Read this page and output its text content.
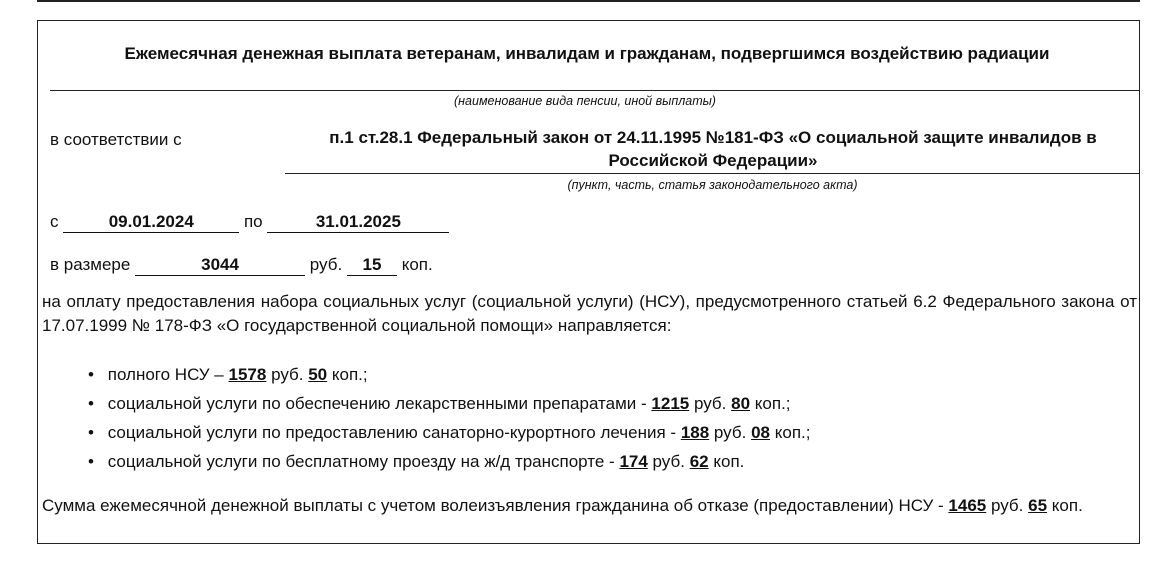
Ежемесячная денежная выплата ветеранам, инвалидам и гражданам, подвергшимся воздействию радиации
(наименование вида пенсии, иной выплаты)
в соответствии с	п.1 ст.28.1 Федеральный закон от 24.11.1995 №181-ФЗ «О социальной защите инвалидов в Российской Федерации»
(пункт, часть, статья законодательного акта)
с	09.01.2024	по	31.01.2025
в размере	3044	руб. 15 коп.
на оплату предоставления набора социальных услуг (социальной услуги) (НСУ), предусмотренного статьей 6.2 Федерального закона от 17.07.1999 № 178-ФЗ «О государственной социальной помощи» направляется:
• полного НСУ – 1578 руб. 50 коп.;
• социальной услуги по обеспечению лекарственными препаратами - 1215 руб. 80 коп.;
• социальной услуги по предоставлению санаторно-курортного лечения - 188 руб. 08 коп.;
• социальной услуги по бесплатному проезду на ж/д транспорте - 174 руб. 62 коп.
Сумма ежемесячной денежной выплаты с учетом волеизъявления гражданина об отказе (предоставлении) НСУ - 1465 руб. 65 коп.
